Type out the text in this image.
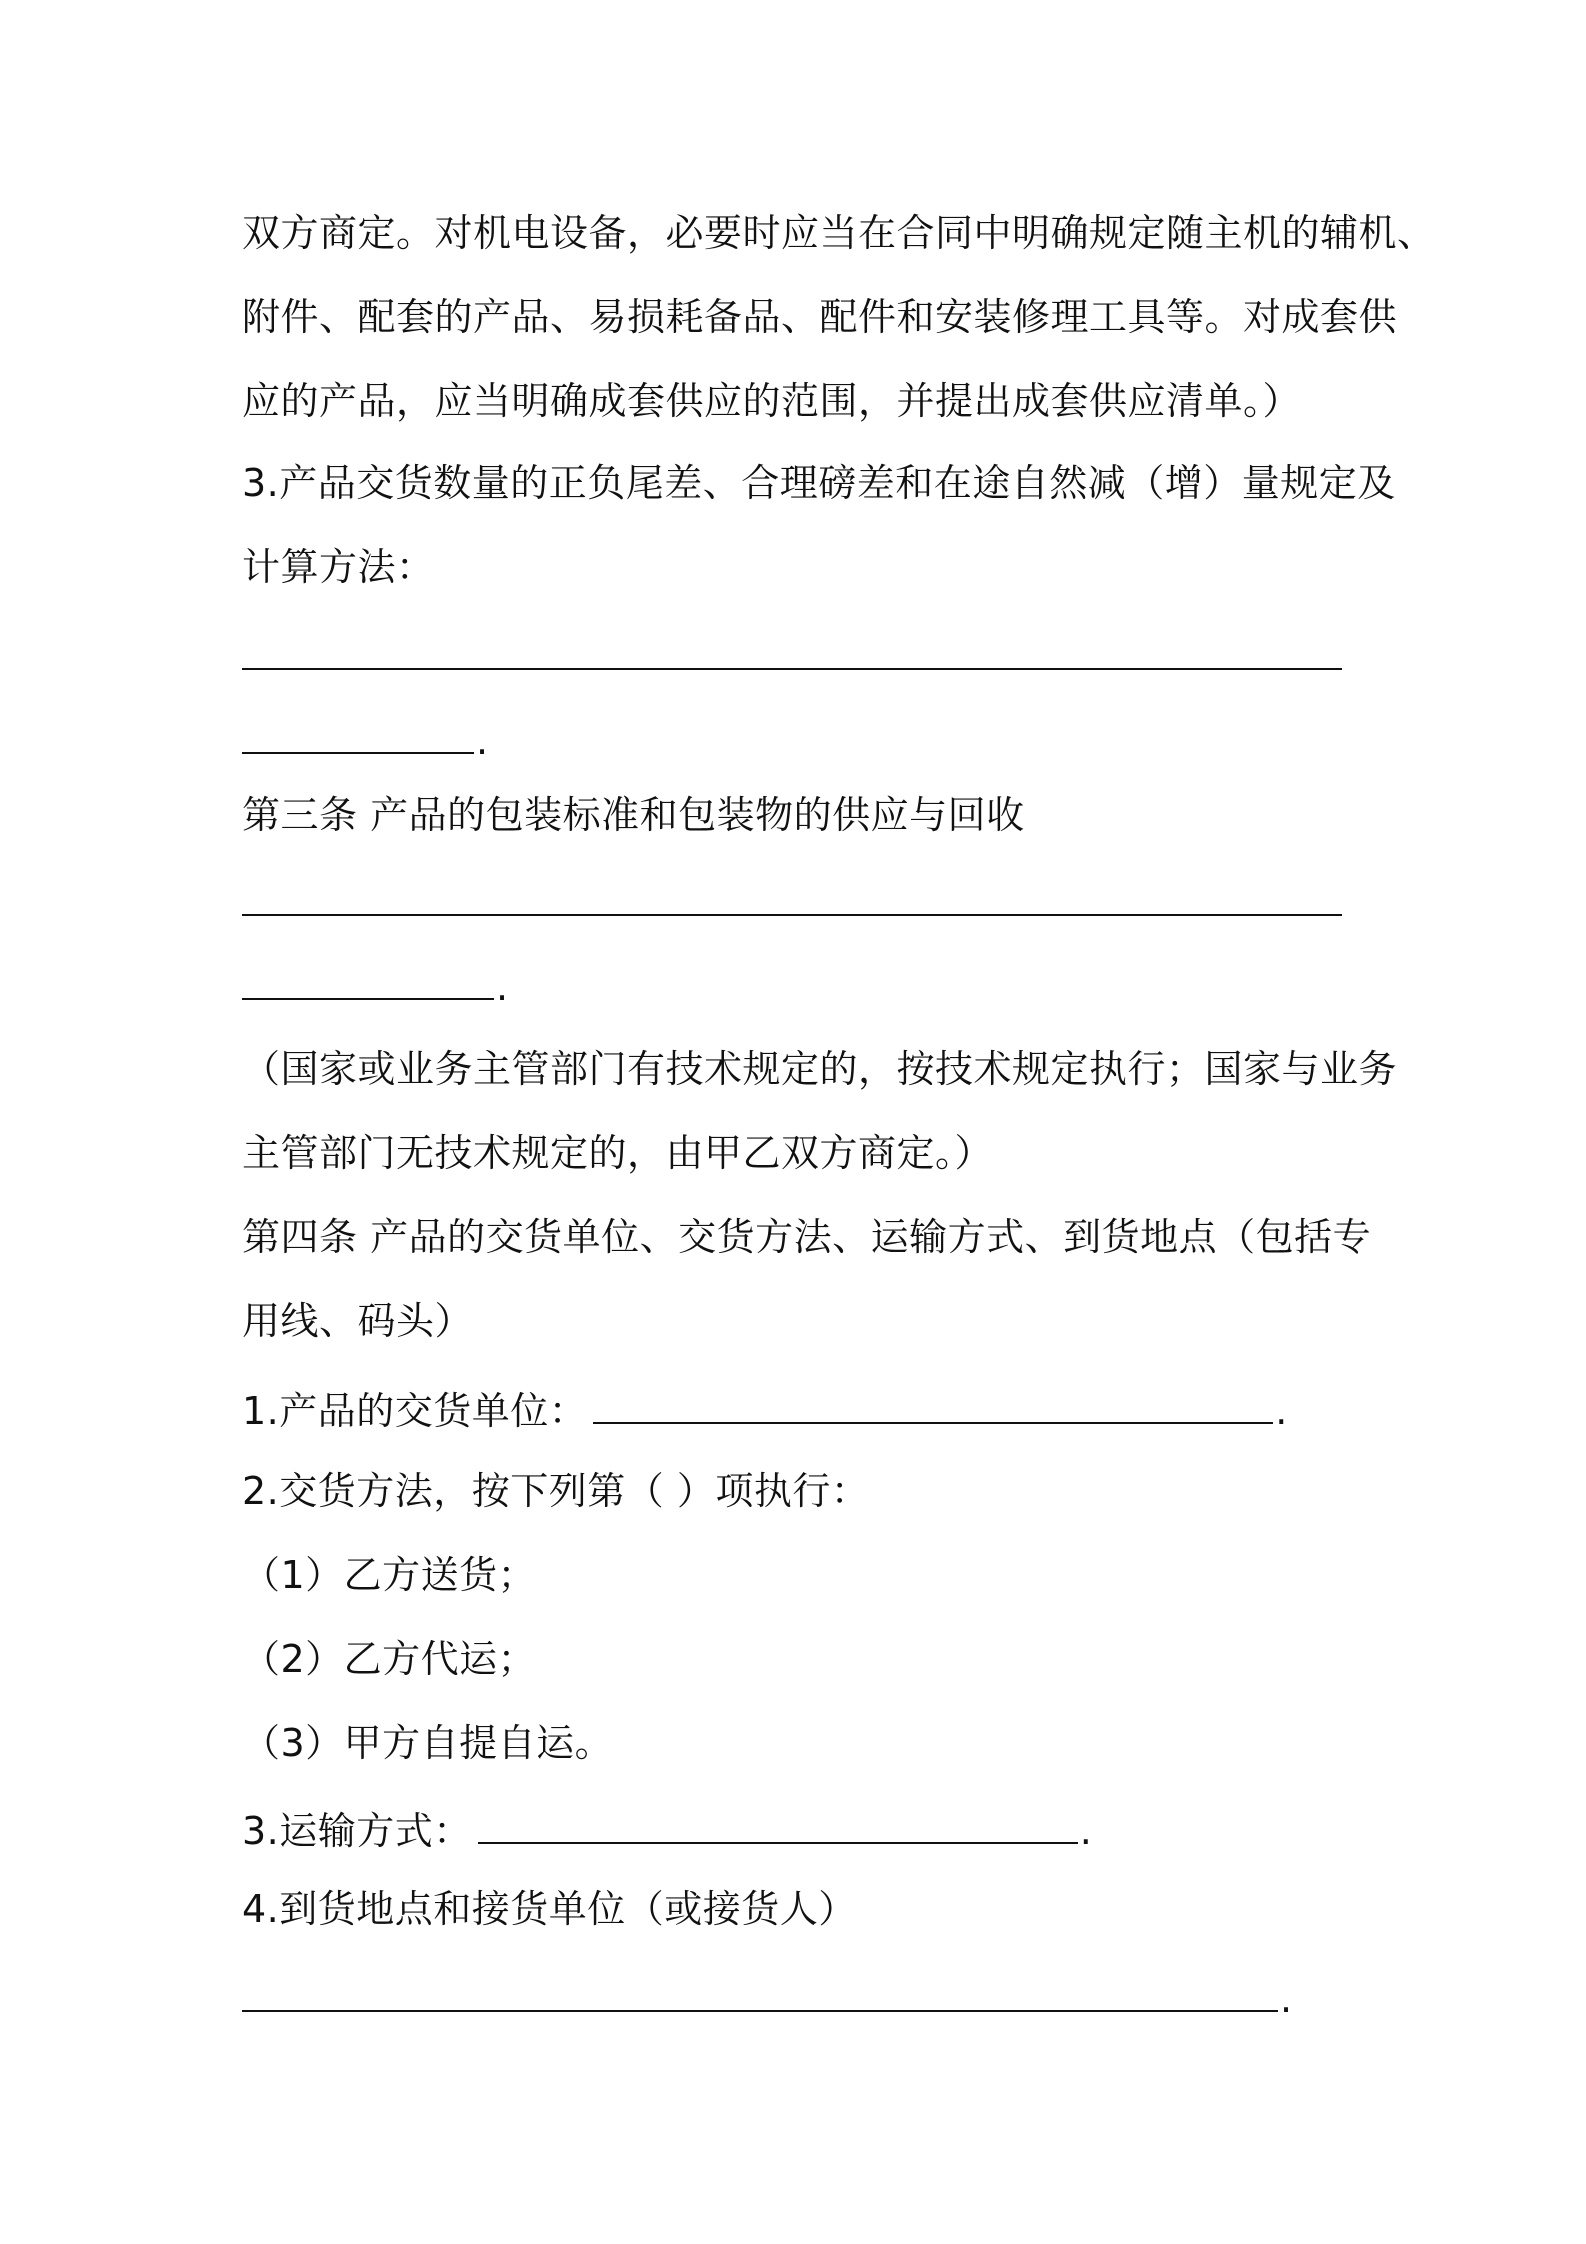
双方商定。对机电设备，必要时应当在合同中明确规定随主机的辅机、
附件、配套的产品、易损耗备品、配件和安装修理工具等。对成套供
应的产品，应当明确成套供应的范围，并提出成套供应清单。）
3.产品交货数量的正负尾差、合理磅差和在途自然减（增）量规定及
计算方法：
.
第三条 产品的包装标准和包装物的供应与回收
.
（国家或业务主管部门有技术规定的，按技术规定执行；国家与业务
主管部门无技术规定的，由甲乙双方商定。）
第四条 产品的交货单位、交货方法、运输方式、到货地点（包括专
用线、码头）
1.产品的交货单位：	.
2.交货方法，按下列第（ ）项执行：
（1）乙方送货；
（2）乙方代运；
（3）甲方自提自运。
3.运输方式：	.
4.到货地点和接货单位（或接货人）
.
